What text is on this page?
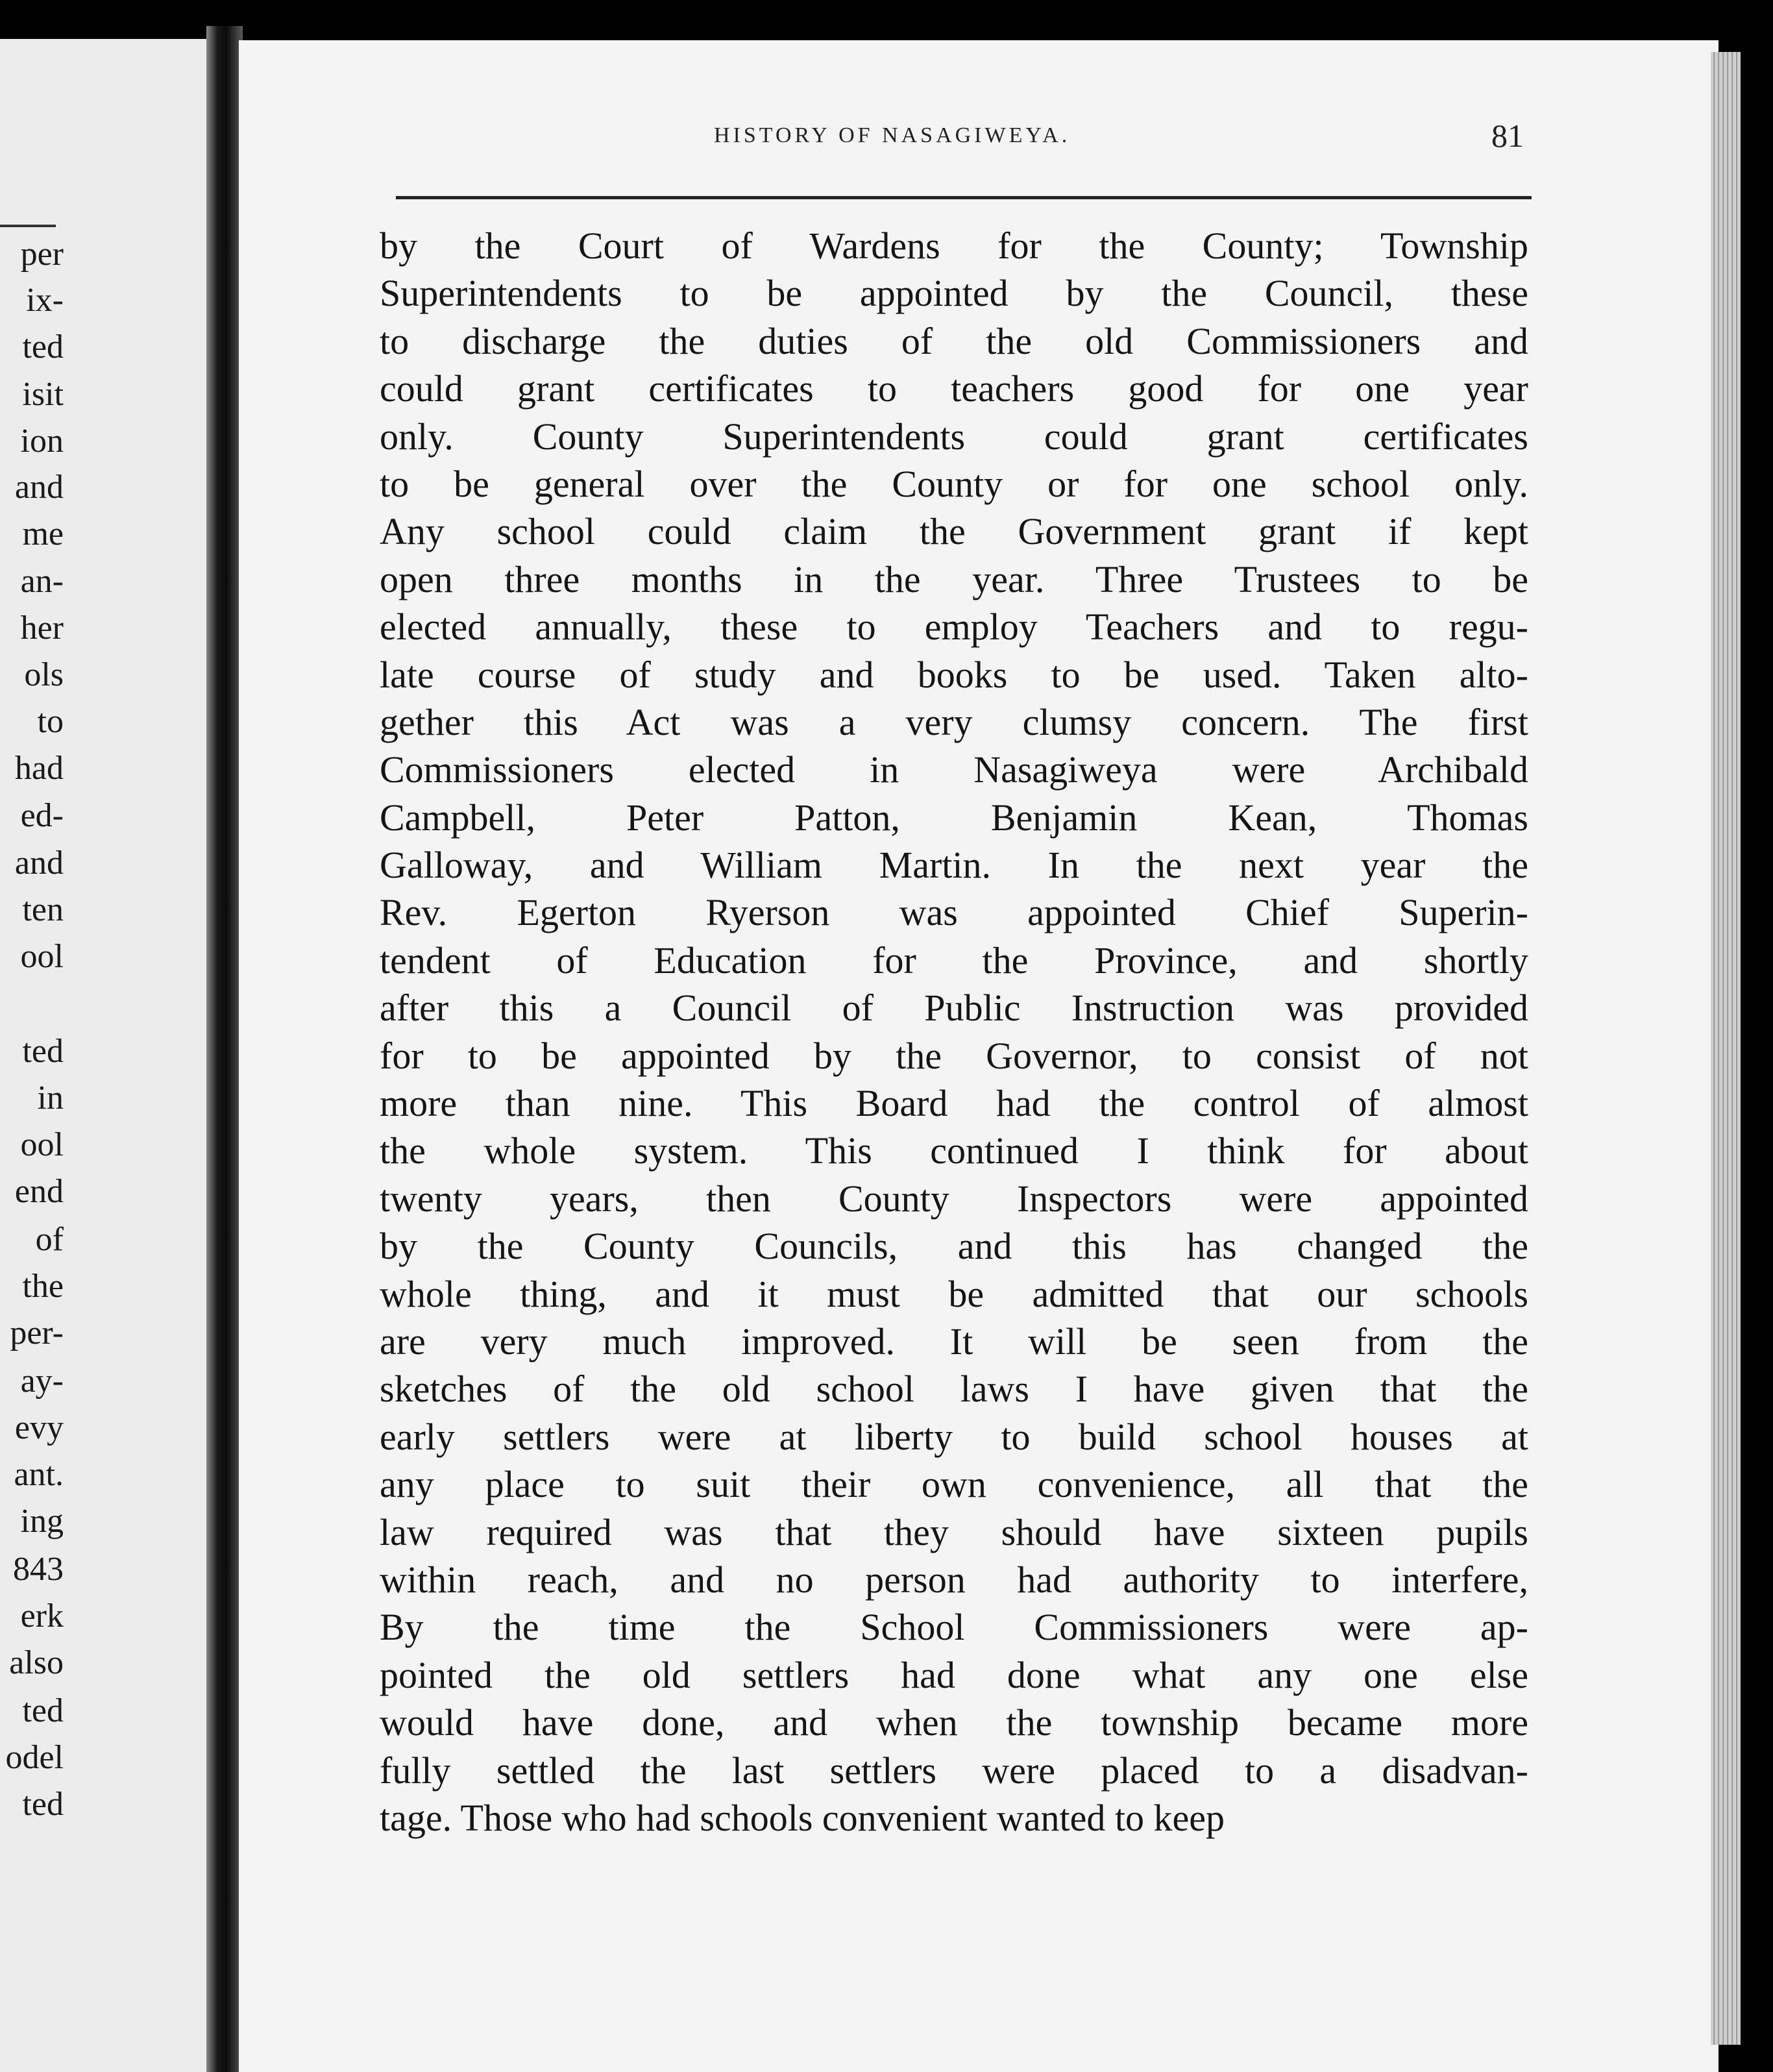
per
ix-
ted
isit
ion
and
me
an-
her
ols
to
had
ed-
and
ten
ool
ted
in
ool
end
of
the
per-
ay-
evy
ant.
ing
843
erk
also
ted
odel
ted
HISTORY OF NASAGIWEYA.	81
by the Court of Wardens for the County; Township
Superintendents to be appointed by the Council, these
to discharge the duties of the old Commissioners and
could grant certificates to teachers good for one year
only. County Superintendents could grant certificates
to be general over the County or for one school only.
Any school could claim the Government grant if kept
open three months in the year. Three Trustees to be
elected annually, these to employ Teachers and to regu-
late course of study and books to be used. Taken alto-
gether this Act was a very clumsy concern. The first
Commissioners elected in Nasagiweya were Archibald
Campbell, Peter Patton, Benjamin Kean, Thomas
Galloway, and William Martin. In the next year the
Rev. Egerton Ryerson was appointed Chief Superin-
tendent of Education for the Province, and shortly
after this a Council of Public Instruction was provided
for to be appointed by the Governor, to consist of not
more than nine. This Board had the control of almost
the whole system. This continued I think for about
twenty years, then County Inspectors were appointed
by the County Councils, and this has changed the
whole thing, and it must be admitted that our schools
are very much improved. It will be seen from the
sketches of the old school laws I have given that the
early settlers were at liberty to build school houses at
any place to suit their own convenience, all that the
law required was that they should have sixteen pupils
within reach, and no person had authority to interfere,
By the time the School Commissioners were ap-
pointed the old settlers had done what any one else
would have done, and when the township became more
fully settled the last settlers were placed to a disadvan-
tage. Those who had schools convenient wanted to keep
